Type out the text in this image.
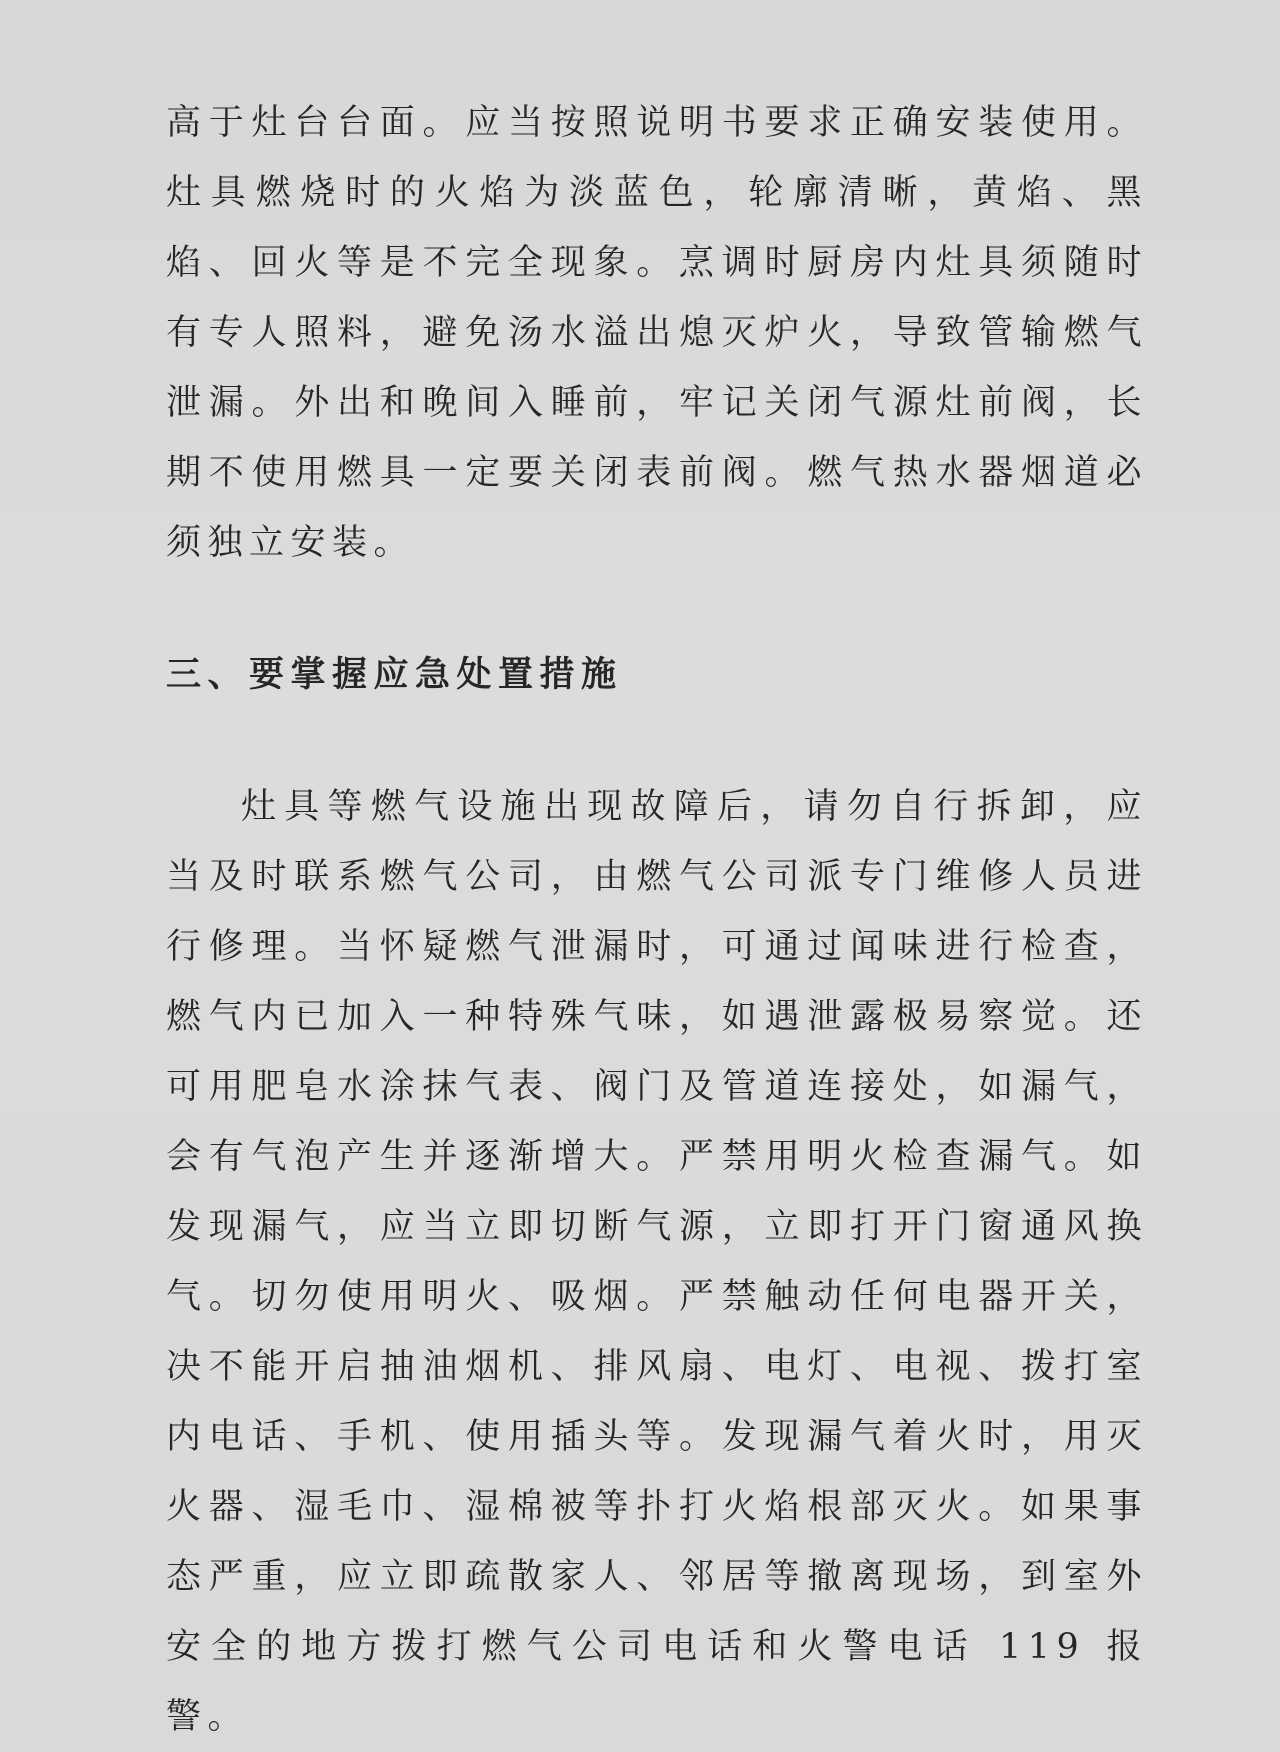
高于灶台台面。应当按照说明书要求正确安装使用。灶具燃烧时的火焰为淡蓝色，轮廓清晰，黄焰、黑焰、回火等是不完全现象。烹调时厨房内灶具须随时有专人照料，避免汤水溢出熄灭炉火，导致管输燃气泄漏。外出和晚间入睡前，牢记关闭气源灶前阀，长期不使用燃具一定要关闭表前阀。燃气热水器烟道必须独立安装。

三、要掌握应急处置措施

灶具等燃气设施出现故障后，请勿自行拆卸，应当及时联系燃气公司，由燃气公司派专门维修人员进行修理。当怀疑燃气泄漏时，可通过闻味进行检查，燃气内已加入一种特殊气味，如遇泄露极易察觉。还可用肥皂水涂抹气表、阀门及管道连接处，如漏气，会有气泡产生并逐渐增大。严禁用明火检查漏气。如发现漏气，应当立即切断气源，立即打开门窗通风换气。切勿使用明火、吸烟。严禁触动任何电器开关，决不能开启抽油烟机、排风扇、电灯、电视、拨打室内电话、手机、使用插头等。发现漏气着火时，用灭火器、湿毛巾、湿棉被等扑打火焰根部灭火。如果事态严重，应立即疏散家人、邻居等撤离现场，到室外安全的地方拨打燃气公司电话和火警电话 119 报警。
